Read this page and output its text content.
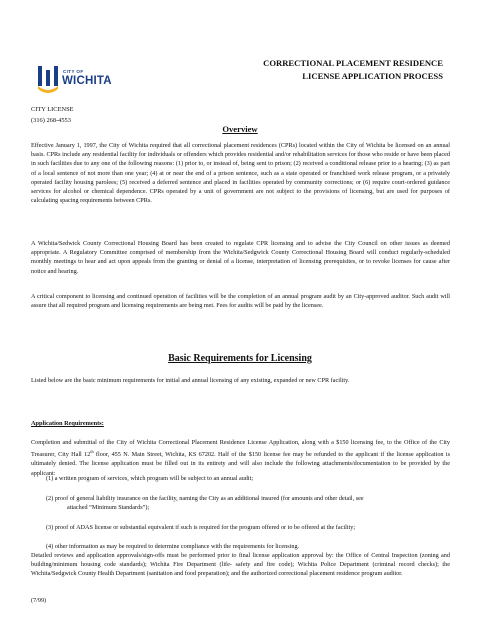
CITY OF
WICHITA
CORRECTIONAL PLACEMENT RESIDENCE
LICENSE APPLICATION PROCESS
CITY LICENSE
(316) 268-4553
Overview

Effective January 1, 1997, the City of Wichita required that all correctional placement residences (CPRs) located within the City of Wichita be licensed on an annual basis. CPRs include any residential facility for individuals or offenders which provides residential and/or rehabilitation services for those who reside or have been placed in such facilities due to any one of the following reasons: (1) prior to, or instead of, being sent to prison; (2) received a conditional release prior to a hearing; (3) as part of a local sentence of not more than one year; (4) at or near the end of a prison sentence, such as a state operated or franchised work release program, or a privately operated facility housing parolees; (5) received a deferred sentence and placed in facilities operated by community corrections; or (6) require court-ordered guidance services for alcohol or chemical dependence. CPRs operated by a unit of government are not subject to the provisions of licensing, but are used for purposes of calculating spacing requirements between CPRs.

A Wichita/Sedwick County Correctional Housing Board has been created to regulate CPR licensing and to advise the City Council on other issues as deemed appropriate. A Regulatory Committee comprised of membership from the Wichita/Sedgwick County Correctional Housing Board will conduct regularly-scheduled monthly meetings to hear and act upon appeals from the granting or denial of a license, interpretation of licensing prerequisites, or to revoke licenses for cause after notice and hearing.

A critical component to licensing and continued operation of facilities will be the completion of an annual program audit by an City-approved auditor. Such audit will assure that all required program and licensing requirements are being met. Fees for audits will be paid by the licensee.

Basic Requirements for Licensing

Listed below are the basic minimum requirements for initial and annual licensing of any existing, expanded or new CPR facility.

Application Requirements:

Completion and submittal of the City of Wichita Correctional Placement Residence License Application, along with a $150 licensing fee, to the Office of the City Treasurer, City Hall 12th floor, 455 N. Main Street, Wichita, KS 67202. Half of the $150 license fee may be refunded to the applicant if the license application is ultimately denied. The license application must be filled out in its entirety and will also include the following attachments/documentation to be provided by the applicant:

(1) a written program of services, which program will be subject to an annual audit;

(2) proof of general liability insurance on the facility, naming the City as an additional insured (for amounts and other detail, see
attached “Minimum Standards”);

(3) proof of ADAS license or substantial equivalent if such is required for the program offered or to be offered at the facility;

(4) other information as may be required to determine compliance with the requirements for licensing.

Detailed reviews and application approvals/sign-offs must be performed prior to final license application approval by: the Office of Central Inspection (zoning and building/minimum housing code standards); Wichita Fire Department (life- safety and fire code); Wichita Police Department (criminal record checks); the Wichita/Sedgwick County Health Department (sanitation and food preparation); and the authorized correctional placement residence program auditor.

(7/99)
